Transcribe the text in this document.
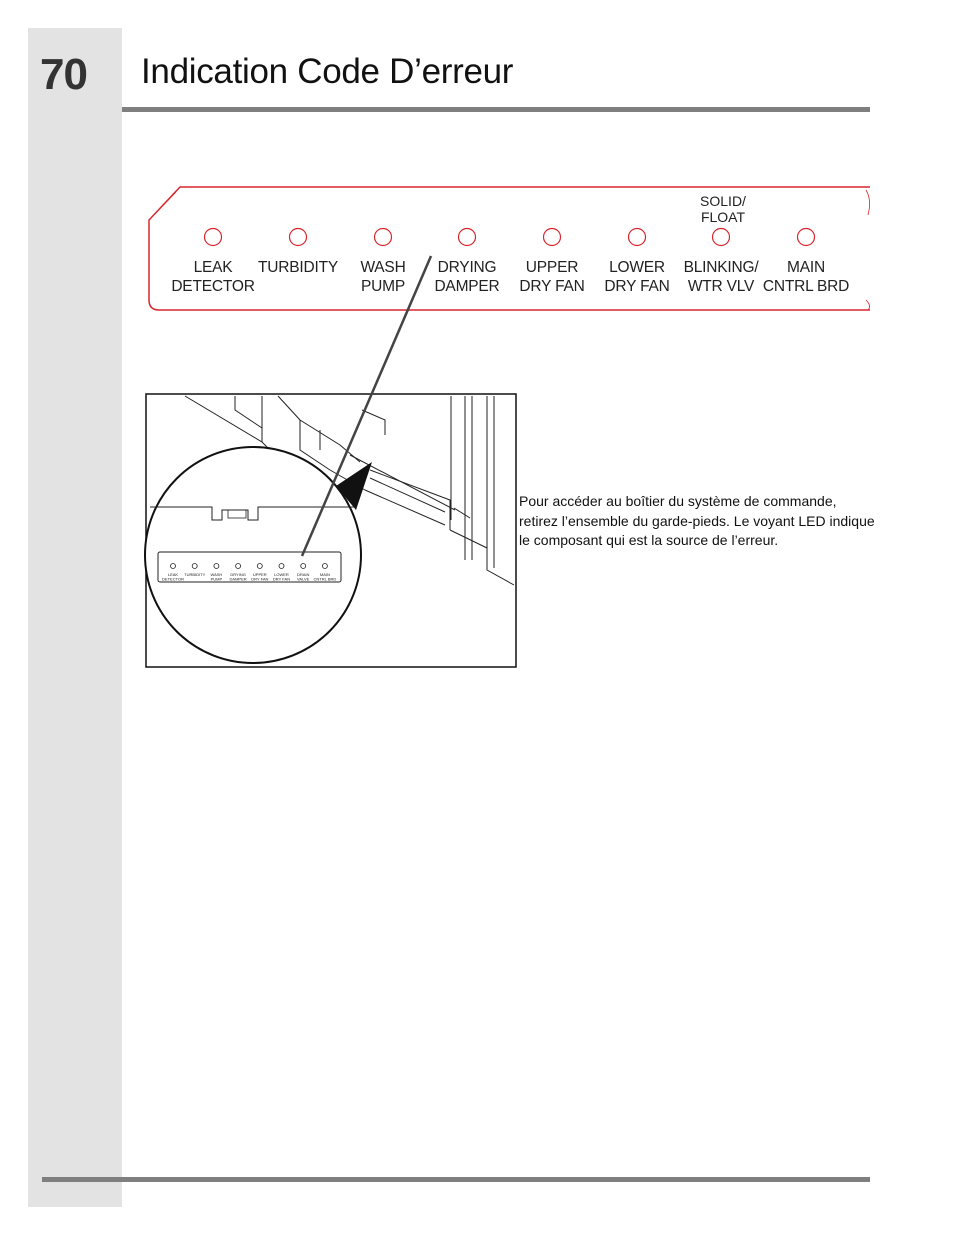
70 Indication Code D’erreur
LEAK DETECTOR
TURBIDITY WASH PUMP
DRYING DAMPER
UPPER DRY FAN
LOWER DRY FAN
DRAIN VALVE
MAIN CNTRL BRD
SOLID/
FLOAT
LEAK
DETECTOR
TURBIDITY	WASH
PUMP
DRYING
DAMPER
UPPER
DRY FAN
LOWER
DRY FAN
BLINKING/
WTR VLV
MAIN
CNTRL BRD
Pour accéder au boîtier du système de commande, retirez l’ensemble du garde-pieds. Le voyant LED indique le composant qui est la source de l’erreur.
